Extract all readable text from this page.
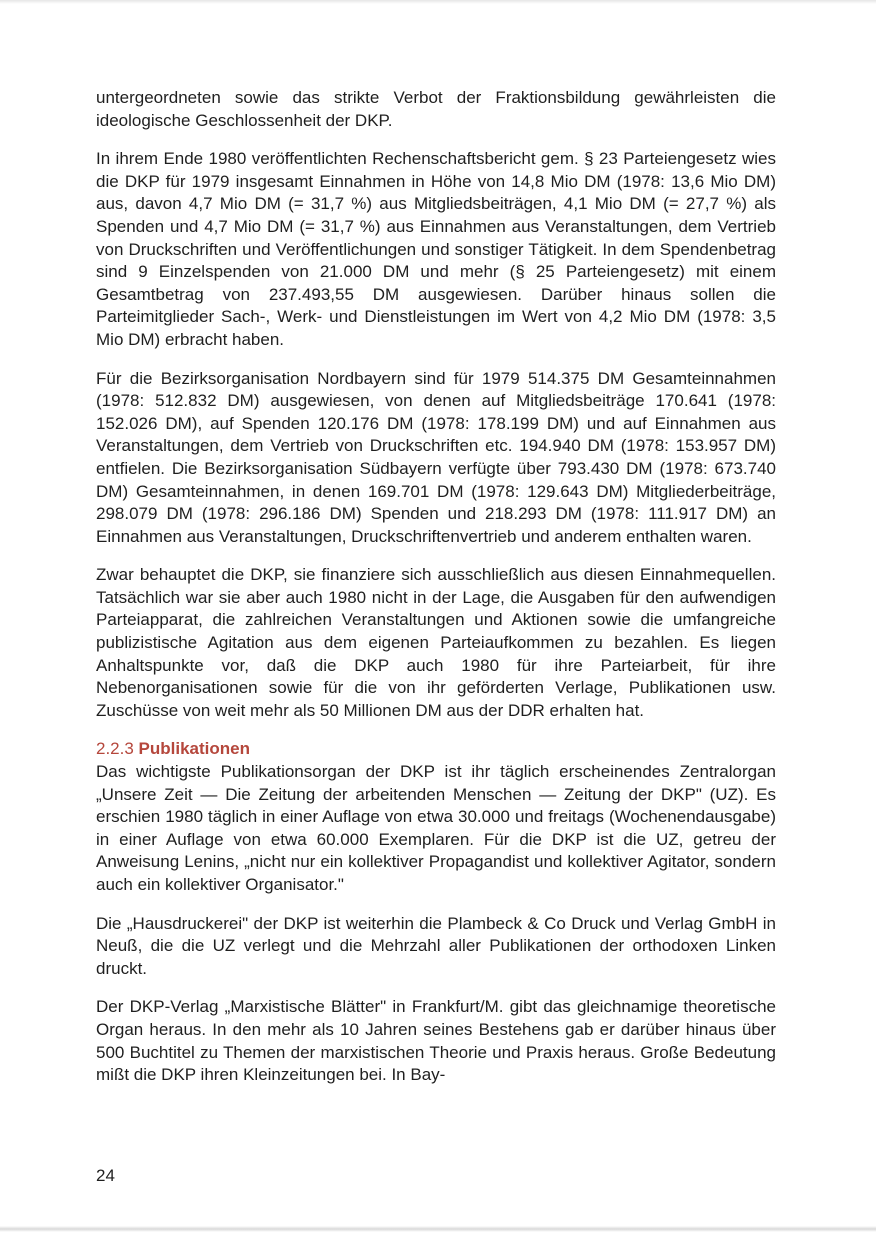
untergeordneten sowie das strikte Verbot der Fraktionsbildung gewährleisten die ideologische Geschlossenheit der DKP.

In ihrem Ende 1980 veröffentlichten Rechenschaftsbericht gem. § 23 Parteiengesetz wies die DKP für 1979 insgesamt Einnahmen in Höhe von 14,8 Mio DM (1978: 13,6 Mio DM) aus, davon 4,7 Mio DM (= 31,7 %) aus Mitgliedsbeiträgen, 4,1 Mio DM (= 27,7 %) als Spenden und 4,7 Mio DM (= 31,7 %) aus Einnahmen aus Veranstaltungen, dem Vertrieb von Druckschriften und Veröffentlichungen und sonstiger Tätigkeit. In dem Spendenbetrag sind 9 Einzelspenden von 21.000 DM und mehr (§ 25 Parteiengesetz) mit einem Gesamtbetrag von 237.493,55 DM ausgewiesen. Darüber hinaus sollen die Parteimitglieder Sach-, Werk- und Dienstleistungen im Wert von 4,2 Mio DM (1978: 3,5 Mio DM) erbracht haben.

Für die Bezirksorganisation Nordbayern sind für 1979 514.375 DM Gesamteinnahmen (1978: 512.832 DM) ausgewiesen, von denen auf Mitgliedsbeiträge 170.641 (1978: 152.026 DM), auf Spenden 120.176 DM (1978: 178.199 DM) und auf Einnahmen aus Veranstaltungen, dem Vertrieb von Druckschriften etc. 194.940 DM (1978: 153.957 DM) entfielen. Die Bezirksorganisation Südbayern verfügte über 793.430 DM (1978: 673.740 DM) Gesamteinnahmen, in denen 169.701 DM (1978: 129.643 DM) Mitgliederbeiträge, 298.079 DM (1978: 296.186 DM) Spenden und 218.293 DM (1978: 111.917 DM) an Einnahmen aus Veranstaltungen, Druckschriftenvertrieb und anderem enthalten waren.

Zwar behauptet die DKP, sie finanziere sich ausschließlich aus diesen Einnahmequellen. Tatsächlich war sie aber auch 1980 nicht in der Lage, die Ausgaben für den aufwendigen Parteiapparat, die zahlreichen Veranstaltungen und Aktionen sowie die umfangreiche publizistische Agitation aus dem eigenen Parteiaufkommen zu bezahlen. Es liegen Anhaltspunkte vor, daß die DKP auch 1980 für ihre Parteiarbeit, für ihre Nebenorganisationen sowie für die von ihr geförderten Verlage, Publikationen usw. Zuschüsse von weit mehr als 50 Millionen DM aus der DDR erhalten hat.

2.2.3 Publikationen

Das wichtigste Publikationsorgan der DKP ist ihr täglich erscheinendes Zentralorgan „Unsere Zeit — Die Zeitung der arbeitenden Menschen — Zeitung der DKP" (UZ). Es erschien 1980 täglich in einer Auflage von etwa 30.000 und freitags (Wochenendausgabe) in einer Auflage von etwa 60.000 Exemplaren. Für die DKP ist die UZ, getreu der Anweisung Lenins, „nicht nur ein kollektiver Propagandist und kollektiver Agitator, sondern auch ein kollektiver Organisator."

Die „Hausdruckerei" der DKP ist weiterhin die Plambeck & Co Druck und Verlag GmbH in Neuß, die die UZ verlegt und die Mehrzahl aller Publikationen der orthodoxen Linken druckt.

Der DKP-Verlag „Marxistische Blätter" in Frankfurt/M. gibt das gleichnamige theoretische Organ heraus. In den mehr als 10 Jahren seines Bestehens gab er darüber hinaus über 500 Buchtitel zu Themen der marxistischen Theorie und Praxis heraus. Große Bedeutung mißt die DKP ihren Kleinzeitungen bei. In Bay-

24
